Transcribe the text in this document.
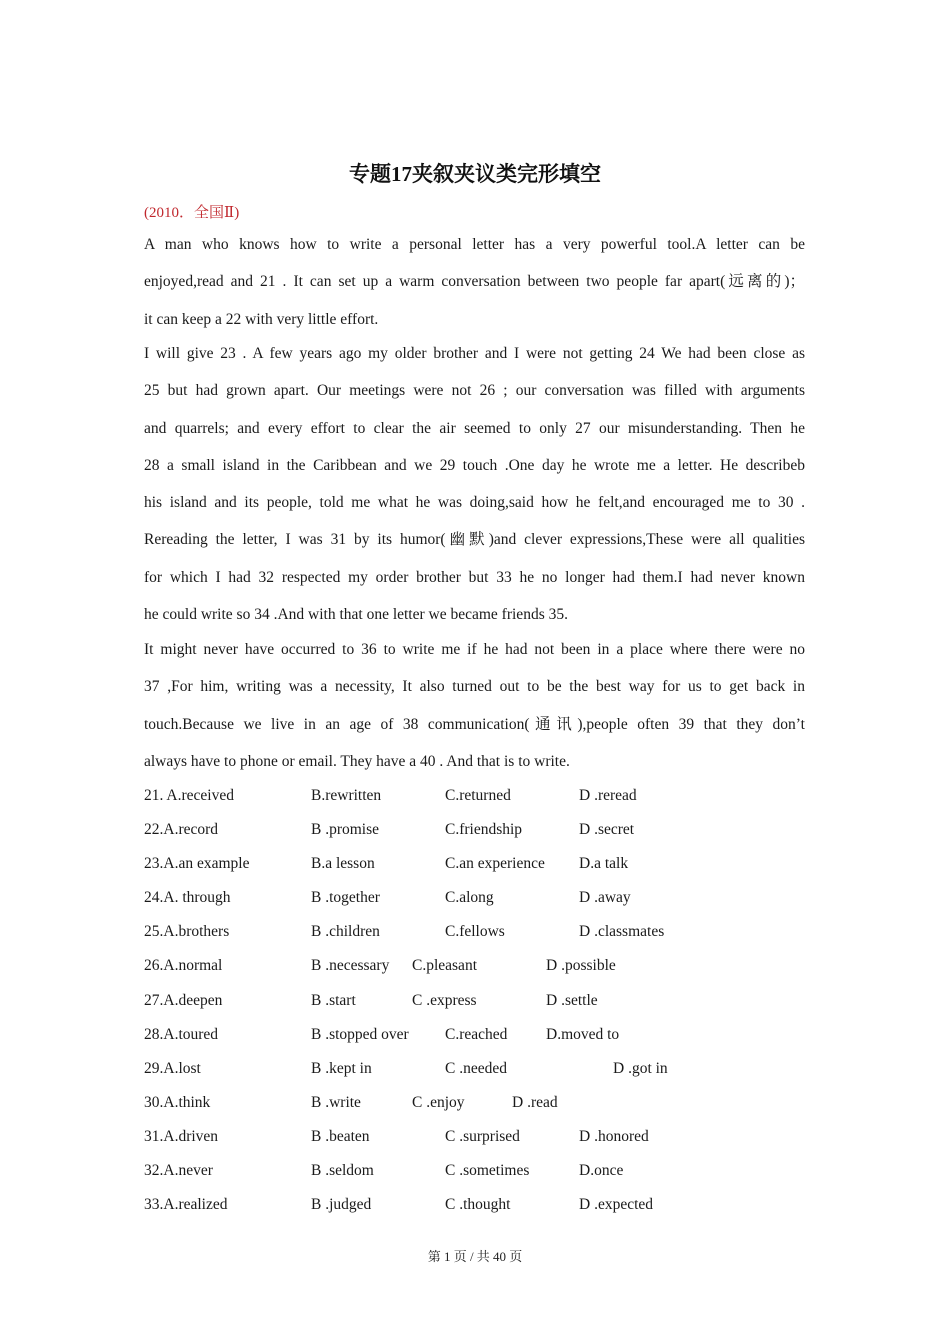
专题17夹叙夹议类完形填空
(2010．全国Ⅱ)
A man who knows how to write a personal letter has a very powerful tool.A letter can be
enjoyed,read and 21 . It can set up a warm conversation between two people far apart(远离的)；
it can keep a 22 with very little effort.
I will give 23 . A few years ago my older brother and I were not getting 24 We had been close as
25 but had grown apart. Our meetings were not 26 ; our conversation was filled with arguments
and quarrels; and every effort to clear the air seemed to only 27 our misunderstanding. Then he
28 a small island in the Caribbean and we 29 touch .One day he wrote me a letter. He describeb
his island and its people, told me what he was doing,said how he felt,and encouraged me to 30 .
Rereading the letter, I was 31 by its humor(幽默)and clever expressions,These were all qualities
for which I had 32 respected my order brother but 33 he no longer had them.I had never known
he could write so 34 .And with that one letter we became friends 35.
It might never have occurred to 36 to write me if he had not been in a place where there were no
37 ,For him, writing was a necessity, It also turned out to be the best way for us to get back in
touch.Because we live in an age of 38 communication(通讯),people often 39 that they don’t
always have to phone or email. They have a 40 . And that is to write.
21. A.received	B.rewritten	C.returned	D .reread
22.A.record	B .promise	C.friendship	D .secret
23.A.an example	B.a lesson	C.an experience D.a talk
24.A. through	B .together	C.along	D .away
25.A.brothers	B .children	C.fellows	D .classmates
26.A.normal	B .necessary C.pleasant	D .possible
27.A.deepen	B .start	C .express	D .settle
28.A.toured	B .stopped over C.reached D.moved to
29.A.lost	B .kept in	C .needed	D .got in
30.A.think	B .write	C .enjoy	D .read
31.A.driven	B .beaten	C .surprised	D .honored
32.A.never	B .seldom	C .sometimes	D.once
33.A.realized	B .judged	C .thought	D .expected
第 1 页 / 共 40 页
